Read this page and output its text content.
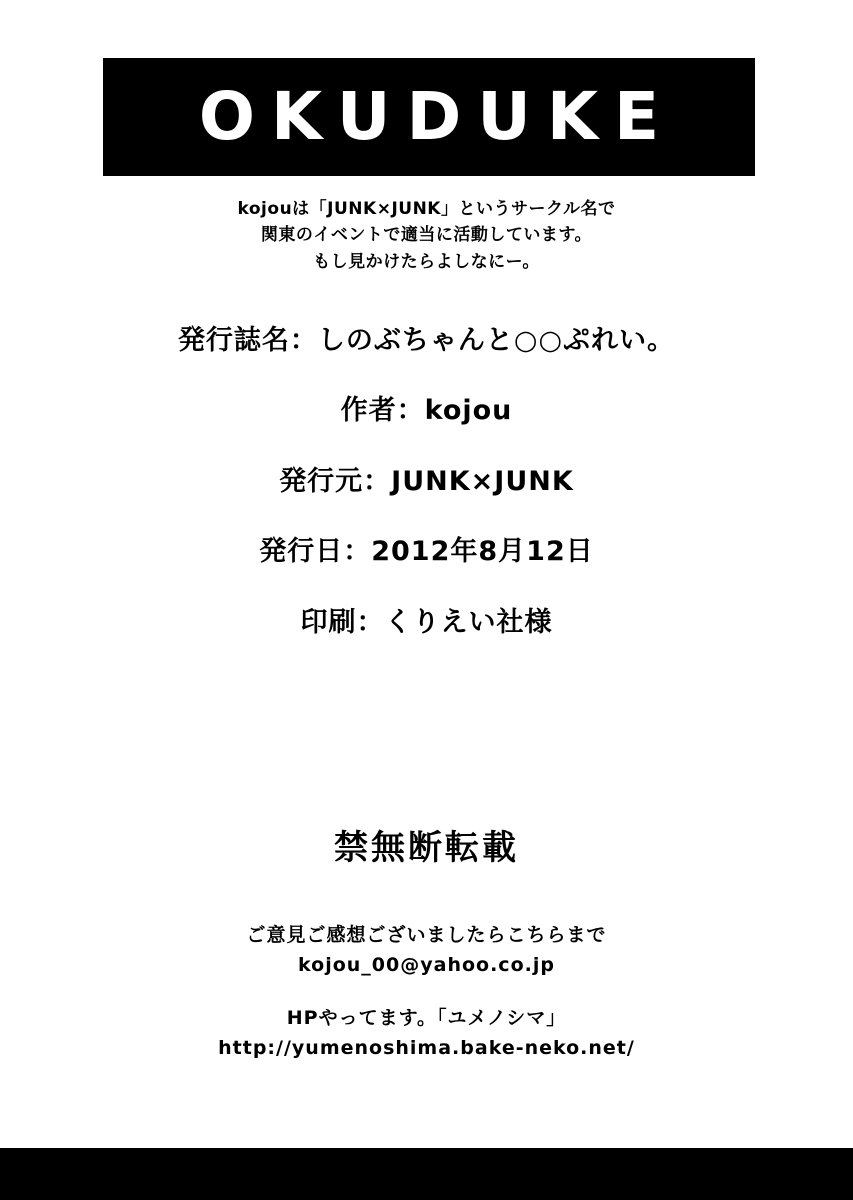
OKUDUKE
kojouは「JUNK×JUNK」というサークル名で
関東のイベントで適当に活動しています。
もし見かけたらよしなにー。
発行誌名：しのぶちゃんと○○ぷれい。
作者：kojou
発行元：JUNK×JUNK
発行日：2012年8月12日
印刷：くりえい社様
禁無断転載
ご意見ご感想ございましたらこちらまで
kojou_00@yahoo.co.jp
HPやってます。「ユメノシマ」
http://yumenoshima.bake-neko.net/
30
